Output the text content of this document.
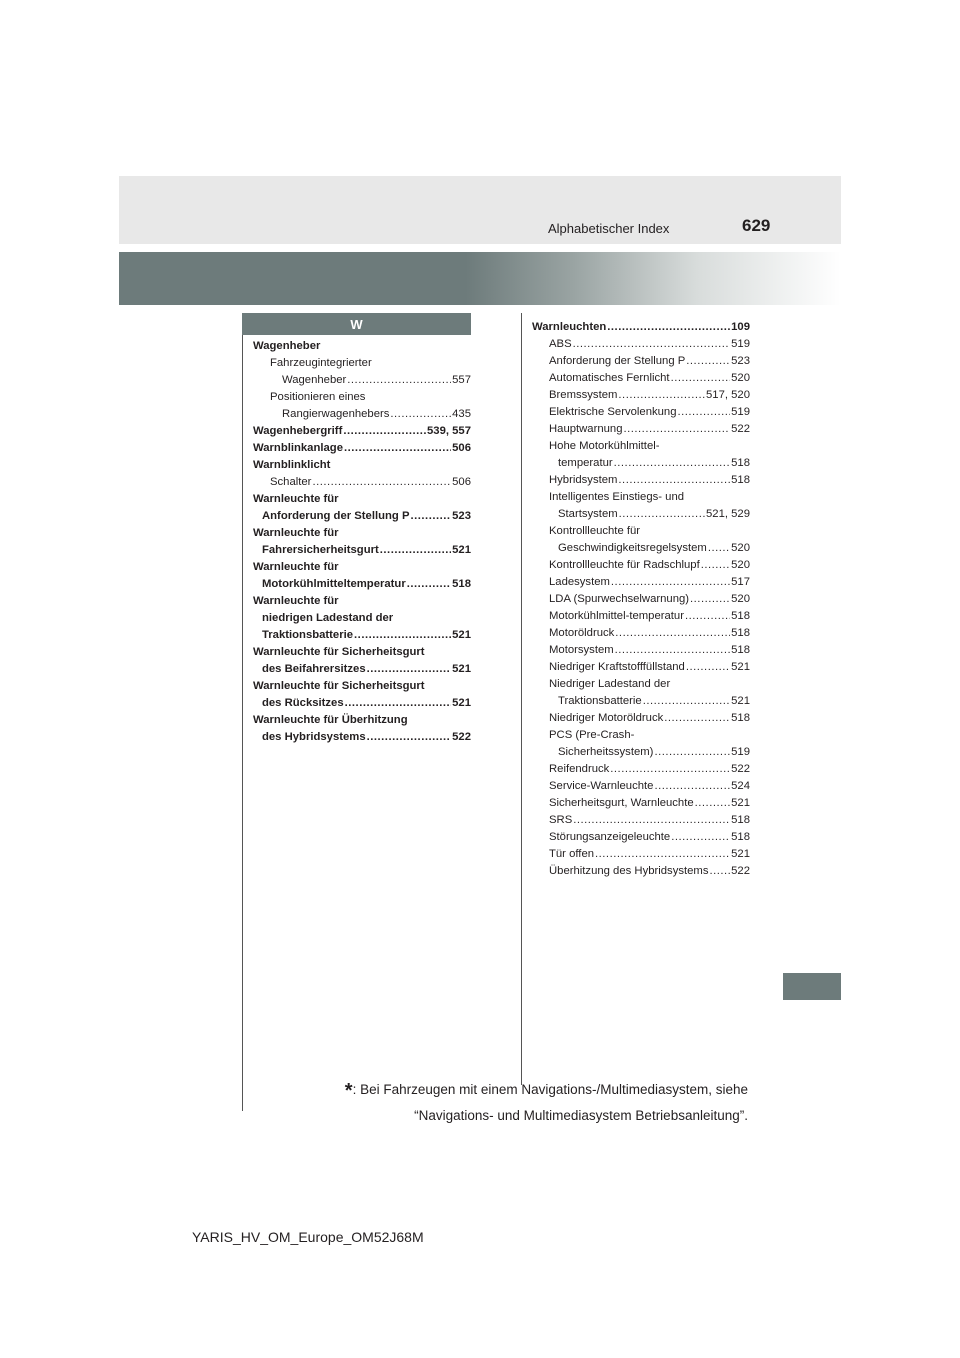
Alphabetischer Index	629
W
Wagenheber
Fahrzeugintegrierter
Wagenheber .....	557
Positionieren eines
Rangierwagenhebers .....	435
Wagenhebergriff .....	539, 557
Warnblinkanlage .....	506
Warnblinklicht
Schalter .....	506
Warnleuchte für
Anforderung der Stellung P .....	523
Warnleuchte für
Fahrersicherheitsgurt .....	521
Warnleuchte für
Motorkühlmitteltemperatur .....	518
Warnleuchte für
niedrigen Ladestand der
Traktionsbatterie .....	521
Warnleuchte für Sicherheitsgurt
des Beifahrersitzes .....	521
Warnleuchte für Sicherheitsgurt
des Rücksitzes .....	521
Warnleuchte für Überhitzung
des Hybridsystems .....	522
Warnleuchten .....	109
ABS .....	519
Anforderung der Stellung P .....	523
Automatisches Fernlicht .....	520
Bremssystem .....	517, 520
Elektrische Servolenkung .....	519
Hauptwarnung .....	522
Hohe Motorkühlmittel-
temperatur .....	518
Hybridsystem .....	518
Intelligentes Einstiegs- und
Startsystem .....	521, 529
Kontrollleuchte für
Geschwindigkeitsregelsystem ..... 520
Kontrollleuchte für Radschlupf .....	520
Ladesystem .....	517
LDA (Spurwechselwarnung) .....	520
Motorkühlmittel-temperatur .....	518
Motoröldruck .....	518
Motorsystem .....	518
Niedriger Kraftstofffüllstand .....	521
Niedriger Ladestand der
Traktionsbatterie .....	521
Niedriger Motoröldruck .....	518
PCS (Pre-Crash-
Sicherheitssystem) .....	519
Reifendruck .....	522
Service-Warnleuchte .....	524
Sicherheitsgurt, Warnleuchte .....	521
SRS .....	518
Störungsanzeigeleuchte .....	518
Tür offen .....	521
Überhitzung des Hybridsystems ..... 522
*: Bei Fahrzeugen mit einem Navigations-/Multimediasystem, siehe
“Navigations- und Multimediasystem Betriebsanleitung”.
YARIS_HV_OM_Europe_OM52J68M
